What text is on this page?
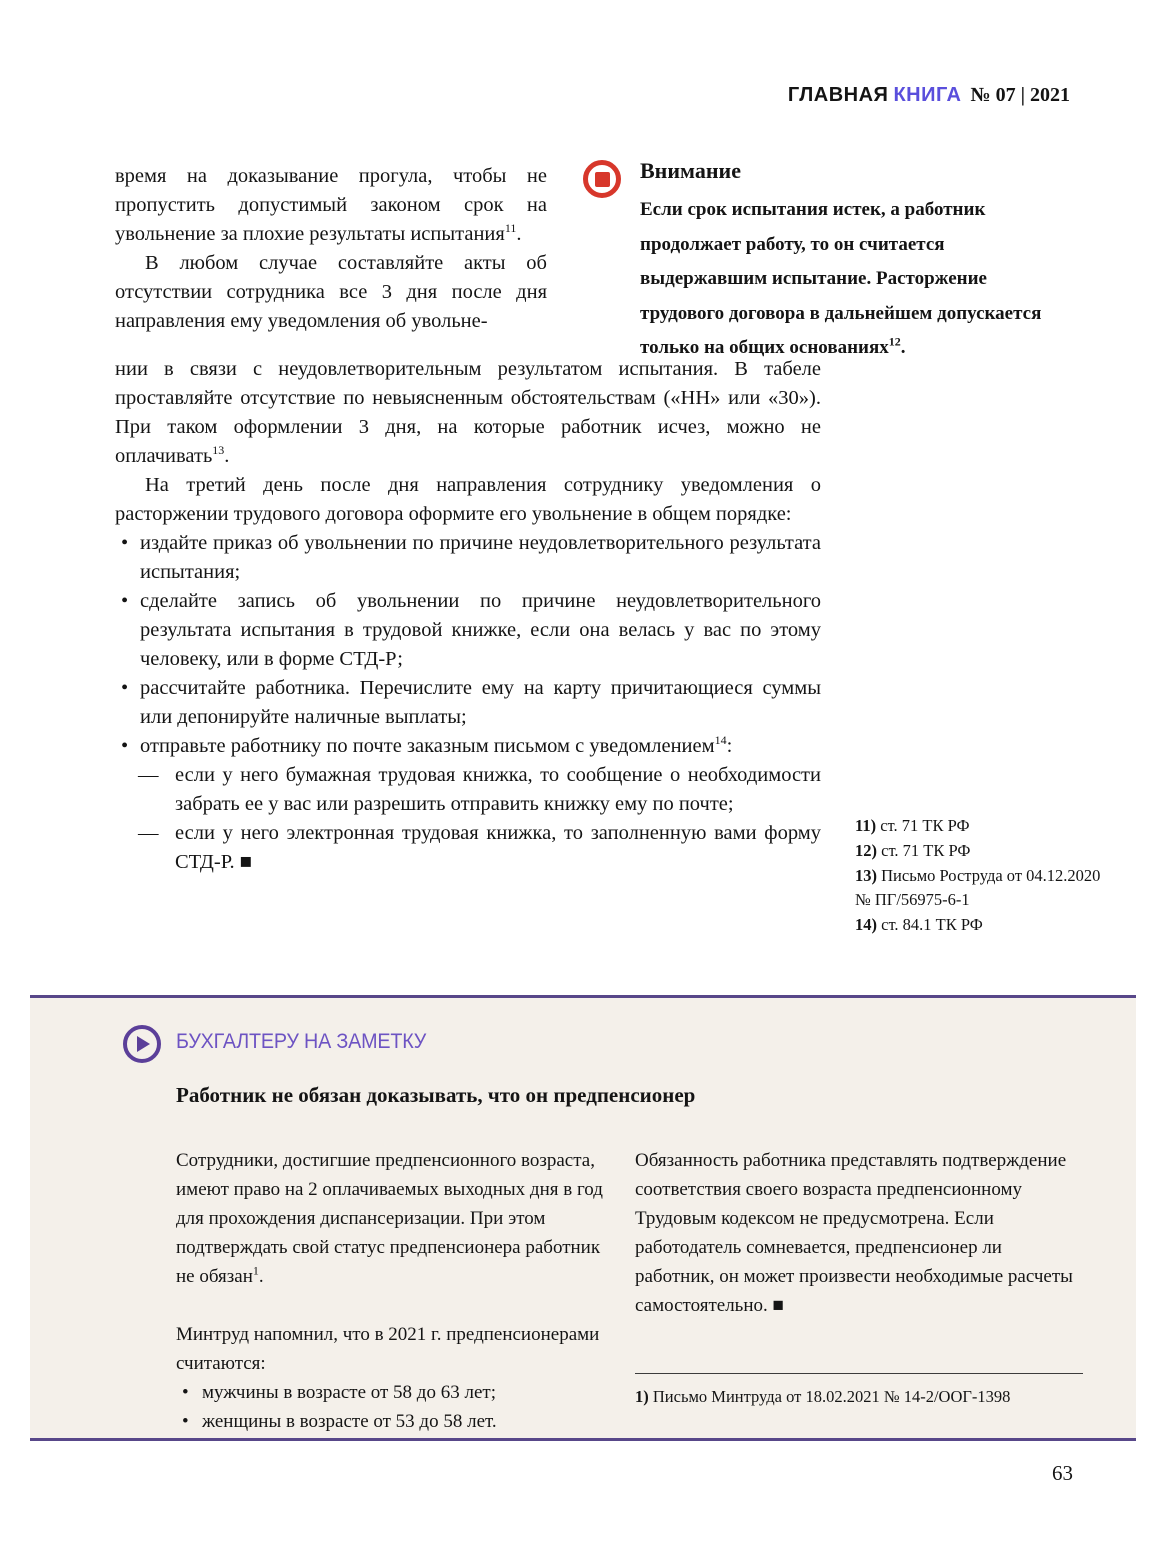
ГЛАВНАЯ КНИГА № 07 | 2021

время на доказывание прогула, чтобы не пропустить допустимый законом срок на увольнение за плохие результаты испытания$^{11}$.

В любом случае составляйте акты об отсутствии сотрудника все 3 дня после дня направления ему уведомления об увольне-

Внимание

Если срок испытания истек, а работник продолжает работу, то он считается выдержавшим испытание. Расторжение трудового договора в дальнейшем допускается только на общих основаниях$^{12}$.

нии в связи с неудовлетворительным результатом испытания. В табеле проставляйте отсутствие по невыясненным обстоятельствам («НН» или «30»). При таком оформлении 3 дня, на которые работник исчез, можно не оплачивать$^{13}$.

На третий день после дня направления сотруднику уведомления о расторжении трудового договора оформите его увольнение в общем порядке:

• издайте приказ об увольнении по причине неудовлетворительного результата испытания;
• сделайте запись об увольнении по причине неудовлетворительного результата испытания в трудовой книжке, если она велась у вас по этому человеку, или в форме СТД-Р;
• рассчитайте работника. Перечислите ему на карту причитающиеся суммы или депонируйте наличные выплаты;
• отправьте работнику по почте заказным письмом с уведомлением$^{14}$:
— если у него бумажная трудовая книжка, то сообщение о необходимости забрать ее у вас или разрешить отправить книжку ему по почте;
— если у него электронная трудовая книжка, то заполненную вами форму СТД-Р. ■

11) ст. 71 ТК РФ

12) ст. 71 ТК РФ

13) Письмо Роструда от 04.12.2020 № ПГ/56975-6-1

14) ст. 84.1 ТК РФ

БУХГАЛТЕРУ НА ЗАМЕТКУ
Работник не обязан доказывать, что он предпенсионер

Сотрудники, достигшие предпенсионного возраста, имеют право на 2 оплачиваемых выходных дня в год для прохождения диспансеризации. При этом подтверждать свой статус предпенсионера работник не обязан$^1$.

Минтруд напомнил, что в 2021 г. предпенсионерами считаются:

• мужчины в возрасте от 58 до 63 лет;
• женщины в возрасте от 53 до 58 лет.

Обязанность работника представлять подтверждение соответствия своего возраста предпенсионному Трудовым кодексом не предусмотрена. Если работодатель сомневается, предпенсионер ли работник, он может произвести необходимые расчеты самостоятельно. ■

1) Письмо Минтруда от 18.02.2021 № 14-2/ООГ-1398
63
